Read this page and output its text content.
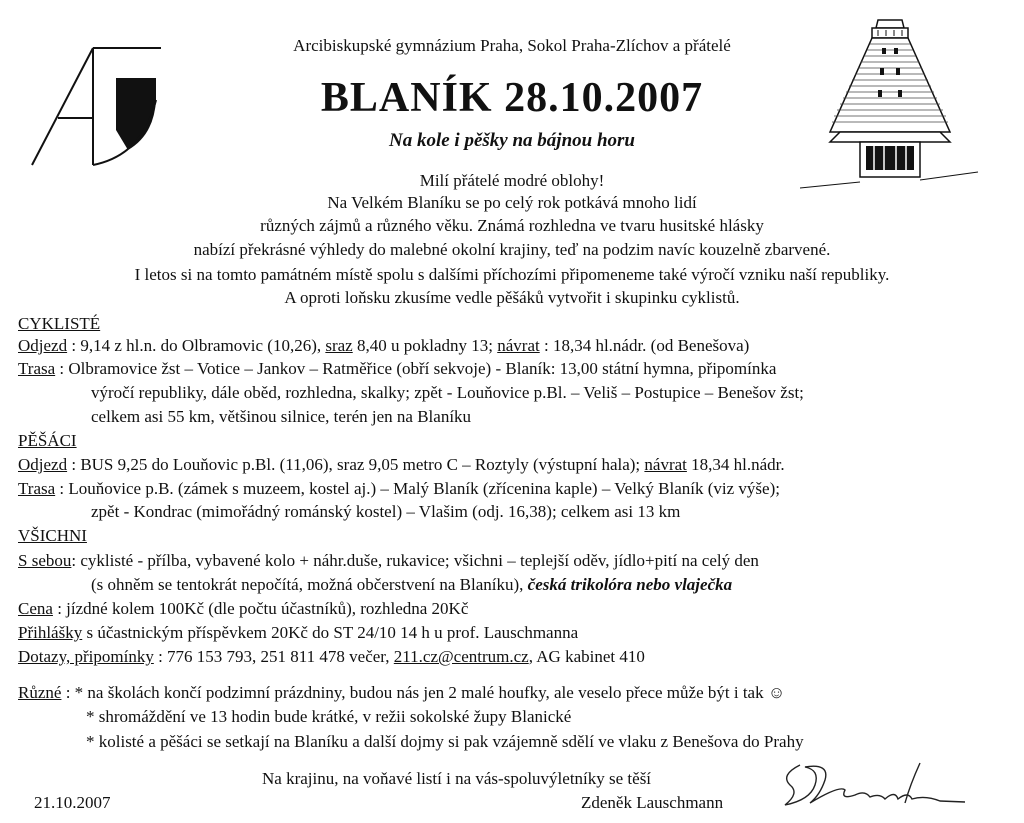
Arcibiskupské gymnázium Praha, Sokol Praha-Zlíchov a přátelé
BLANÍK 28.10.2007
Na kole i pěšky na bájnou horu
Milí přátelé modré oblohy!
Na Velkém Blaníku se po celý rok potkává mnoho lidí
různých zájmů a různého věku. Známá rozhledna ve tvaru husitské hlásky
nabízí překrásné výhledy do malebné okolní krajiny, teď na podzim navíc kouzelně zbarvené.
I letos si na tomto památném místě spolu s dalšími příchozími připomeneme také výročí vzniku naší republiky.
A oproti loňsku zkusíme vedle pěšáků vytvořit i skupinku cyklistů.
CYKLISTÉ
Odjezd : 9,14 z hl.n. do Olbramovic (10,26), sraz 8,40 u pokladny 13; návrat : 18,34 hl.nádr. (od Benešova)
Trasa : Olbramovice žst – Votice – Jankov – Ratměřice (obří sekvoje) - Blaník: 13,00 státní hymna, připomínka
výročí republiky, dále oběd, rozhledna, skalky; zpět - Louňovice p.Bl. – Veliš – Postupice – Benešov žst;
celkem asi 55 km, většinou silnice, terén jen na Blaníku
PĚŠÁCI
Odjezd : BUS 9,25 do Louňovic p.Bl. (11,06), sraz 9,05 metro C – Roztyly (výstupní hala); návrat 18,34 hl.nádr.
Trasa : Louňovice p.B. (zámek s muzeem, kostel aj.) – Malý Blaník (zřícenina kaple) – Velký Blaník (viz výše);
zpět - Kondrac (mimořádný románský kostel) – Vlašim (odj. 16,38); celkem asi 13 km
VŠICHNI
S sebou: cyklisté - přílba, vybavené kolo + náhr.duše, rukavice; všichni – teplejší oděv, jídlo+pití na celý den
(s ohněm se tentokrát nepočítá, možná občerstvení na Blaníku), česká trikolóra nebo vlaječka
Cena : jízdné kolem 100Kč (dle počtu účastníků), rozhledna 20Kč
Přihlášky s účastnickým příspěvkem 20Kč do ST 24/10 14 h u prof. Lauschmanna
Dotazy, připomínky : 776 153 793, 251 811 478 večer, 211.cz@centrum.cz, AG kabinet 410
Různé : * na školách končí podzimní prázdniny, budou nás jen 2 malé houfky, ale veselo přece může být i tak ☺
* shromáždění ve 13 hodin bude krátké, v režii sokolské župy Blanické
* kolisté a pěšáci se setkají na Blaníku a další dojmy si pak vzájemně sdělí ve vlaku z Benešova do Prahy
Na krajinu, na voňavé listí i na vás-spoluvýletníky se těší
Zdeněk Lauschmann
21.10.2007
